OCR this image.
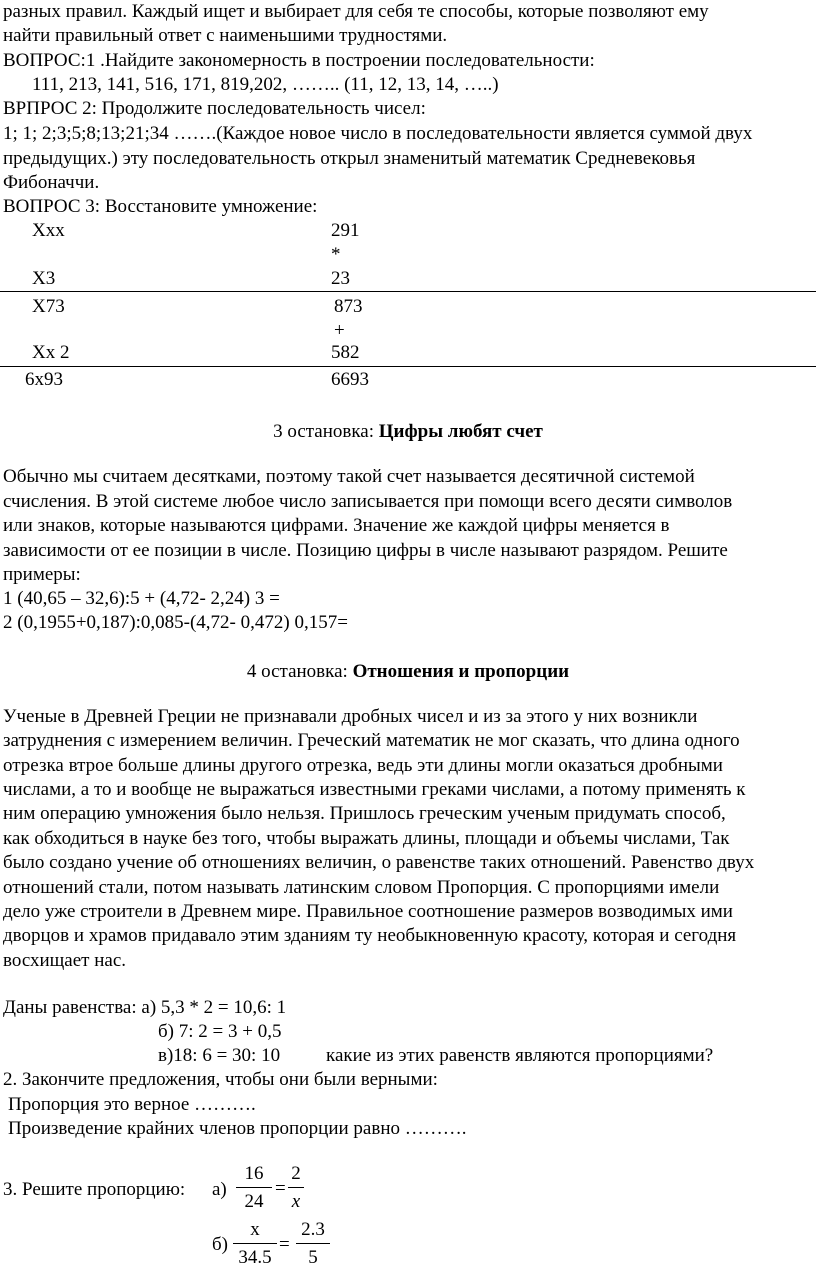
разных правил. Каждый ищет и выбирает для себя те способы, которые позволяют ему
найти правильный ответ с наименьшими трудностями.
ВОПРОС:1 .Найдите закономерность в построении последовательности:
111, 213, 141, 516, 171, 819,202, …….. (11, 12, 13, 14, …..)
ВРПРОС 2: Продолжите последовательность чисел:
1; 1; 2;3;5;8;13;21;34 …….(Каждое новое число в последовательности является суммой двух
предыдущих.) эту последовательность открыл знаменитый математик Средневековья
Фибоначчи.
ВОПРОС 3: Восстановите умножение:
Xxx
X3
X73
Xx 2
6x93
291
*
23
873
+
582
6693
3 остановка: Цифры любят счет
Обычно мы считаем десятками, поэтому такой счет называется десятичной системой
счисления. В этой системе любое число записывается при помощи всего десяти символов
или знаков, которые называются цифрами. Значение же каждой цифры меняется в
зависимости от ее позиции в числе. Позицию цифры в числе называют разрядом. Решите
примеры:
1 (40,65 – 32,6):5 + (4,72- 2,24) 3 =
2 (0,1955+0,187):0,085-(4,72- 0,472) 0,157=
4 остановка: Отношения и пропорции
Ученые в Древней Греции не признавали дробных чисел и из за этого у них возникли
затруднения с измерением величин. Греческий математик не мог сказать, что длина одного
отрезка втрое больше длины другого отрезка, ведь эти длины могли оказаться дробными
числами, а то и вообще не выражаться известными греками числами, а потому применять к
ним операцию умножения было нельзя. Пришлось греческим ученым придумать способ,
как обходиться в науке без того, чтобы выражать длины, площади и объемы числами, Так
было создано учение об отношениях величин, о равенстве таких отношений. Равенство двух
отношений стали, потом называть латинским словом Пропорция. С пропорциями имели
дело уже строители в Древнем мире. Правильное соотношение размеров возводимых ими
дворцов и храмов придавало этим зданиям ту необыкновенную красоту, которая и сегодня
восхищает нас.
Даны равенства: а) 5,3 * 2 = 10,6: 1
б) 7: 2 = 3 + 0,5
в)18: 6 = 30: 10 какие из этих равенств являются пропорциями?
2. Закончите предложения, чтобы они были верными:
Пропорция это верное ……….
Произведение крайних членов пропорции равно ……….
3. Решите пропорцию: а)
16
24
=
2
x
б)
x
34.5
=
2.3
5
